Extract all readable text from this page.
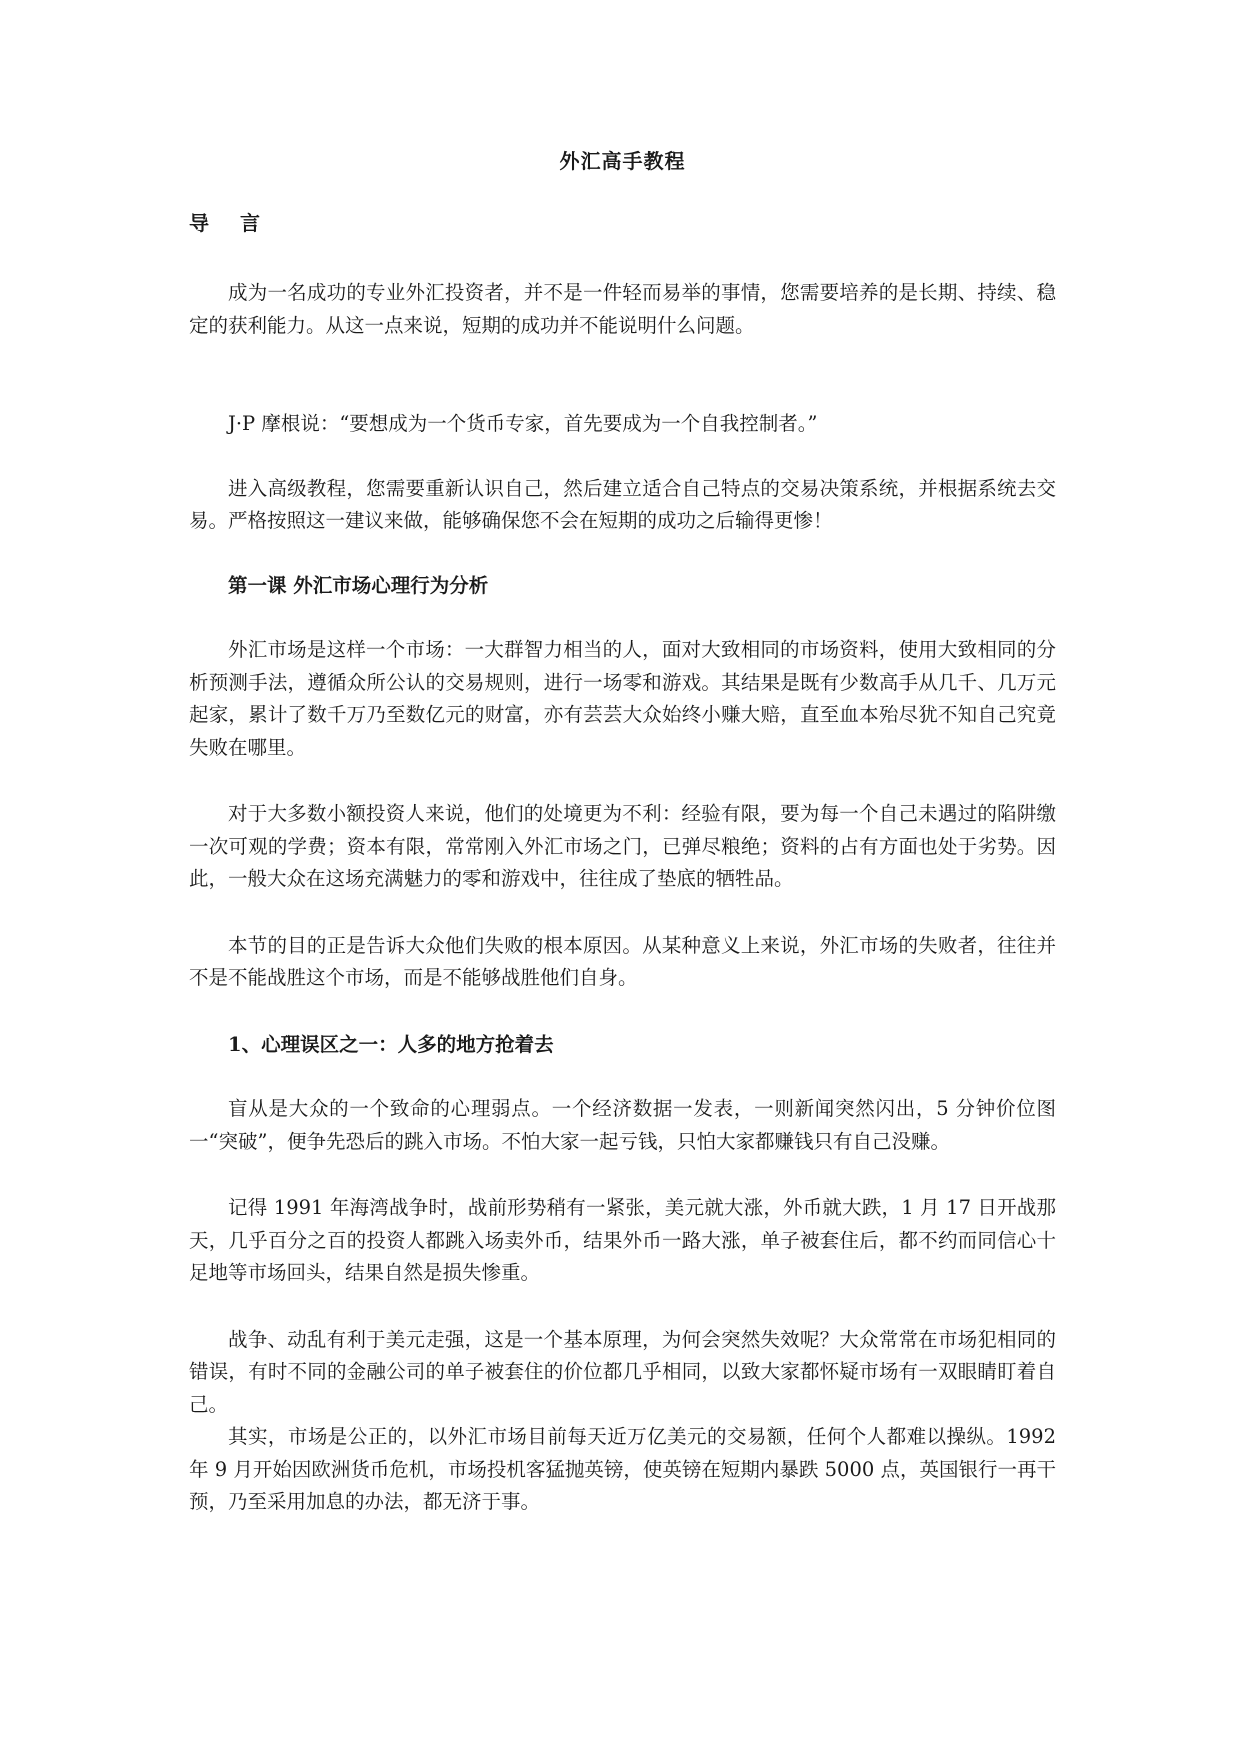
外汇高手教程
导 言

成为一名成功的专业外汇投资者，并不是一件轻而易举的事情，您需要培养的是长期、持续、稳定的获利能力。从这一点来说，短期的成功并不能说明什么问题。

J·P 摩根说：“要想成为一个货币专家，首先要成为一个自我控制者。”

进入高级教程，您需要重新认识自己，然后建立适合自己特点的交易决策系统，并根据系统去交易。严格按照这一建议来做，能够确保您不会在短期的成功之后输得更惨！

第一课 外汇市场心理行为分析

外汇市场是这样一个市场：一大群智力相当的人，面对大致相同的市场资料，使用大致相同的分析预测手法，遵循众所公认的交易规则，进行一场零和游戏。其结果是既有少数高手从几千、几万元起家，累计了数千万乃至数亿元的财富，亦有芸芸大众始终小赚大赔，直至血本殆尽犹不知自己究竟失败在哪里。

对于大多数小额投资人来说，他们的处境更为不利：经验有限，要为每一个自己未遇过的陷阱缴一次可观的学费；资本有限，常常刚入外汇市场之门，已弹尽粮绝；资料的占有方面也处于劣势。因此，一般大众在这场充满魅力的零和游戏中，往往成了垫底的牺牲品。

本节的目的正是告诉大众他们失败的根本原因。从某种意义上来说，外汇市场的失败者，往往并不是不能战胜这个市场，而是不能够战胜他们自身。

1、心理误区之一：人多的地方抢着去

盲从是大众的一个致命的心理弱点。一个经济数据一发表，一则新闻突然闪出，5 分钟价位图一“突破”，便争先恐后的跳入市场。不怕大家一起亏钱，只怕大家都赚钱只有自己没赚。

记得 1991 年海湾战争时，战前形势稍有一紧张，美元就大涨，外币就大跌，1 月 17 日开战那天，几乎百分之百的投资人都跳入场卖外币，结果外币一路大涨，单子被套住后，都不约而同信心十足地等市场回头，结果自然是损失惨重。

战争、动乱有利于美元走强，这是一个基本原理，为何会突然失效呢？大众常常在市场犯相同的错误，有时不同的金融公司的单子被套住的价位都几乎相同，以致大家都怀疑市场有一双眼睛盯着自己。

其实，市场是公正的，以外汇市场目前每天近万亿美元的交易额，任何个人都难以操纵。1992 年 9 月开始因欧洲货币危机，市场投机客猛抛英镑，使英镑在短期内暴跌 5000 点，英国银行一再干预，乃至采用加息的办法，都无济于事。
